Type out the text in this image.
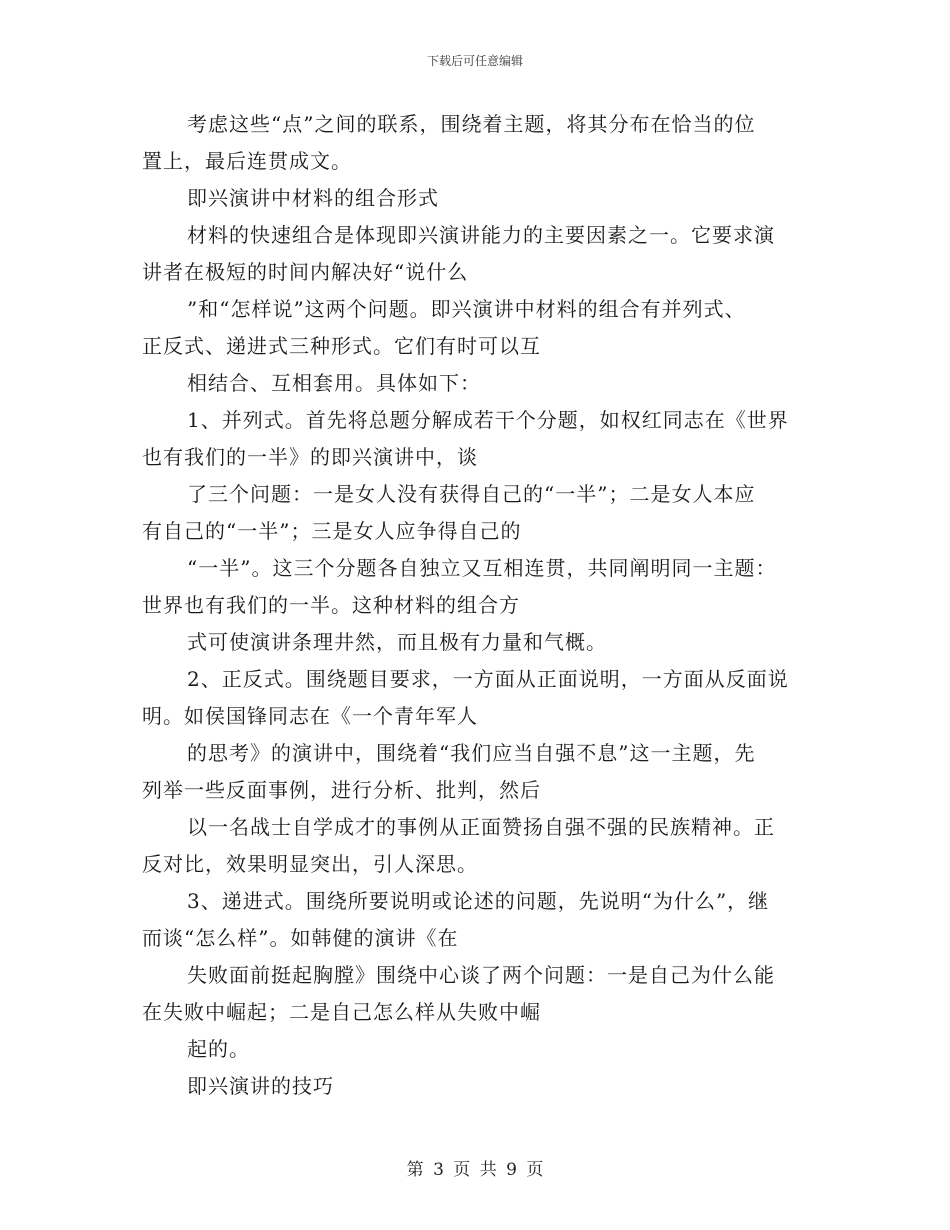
下载后可任意编辑
考虑这些“点”之间的联系，围绕着主题，将其分布在恰当的位
置上，最后连贯成文。
即兴演讲中材料的组合形式
材料的快速组合是体现即兴演讲能力的主要因素之一。它要求演
讲者在极短的时间内解决好“说什么
”和“怎样说”这两个问题。即兴演讲中材料的组合有并列式、
正反式、递进式三种形式。它们有时可以互
相结合、互相套用。具体如下：
1、并列式。首先将总题分解成若干个分题，如权红同志在《世界
也有我们的一半》的即兴演讲中，谈
了三个问题：一是女人没有获得自己的“一半”；二是女人本应
有自己的“一半”；三是女人应争得自己的
“一半”。这三个分题各自独立又互相连贯，共同阐明同一主题：
世界也有我们的一半。这种材料的组合方
式可使演讲条理井然，而且极有力量和气概。
2、正反式。围绕题目要求，一方面从正面说明，一方面从反面说
明。如侯国锋同志在《一个青年军人
的思考》的演讲中，围绕着“我们应当自强不息”这一主题，先
列举一些反面事例，进行分析、批判，然后
以一名战士自学成才的事例从正面赞扬自强不强的民族精神。正
反对比，效果明显突出，引人深思。
3、递进式。围绕所要说明或论述的问题，先说明“为什么”，继
而谈“怎么样”。如韩健的演讲《在
失败面前挺起胸膛》围绕中心谈了两个问题：一是自己为什么能
在失败中崛起；二是自己怎么样从失败中崛
起的。
即兴演讲的技巧
第 3 页 共 9 页
